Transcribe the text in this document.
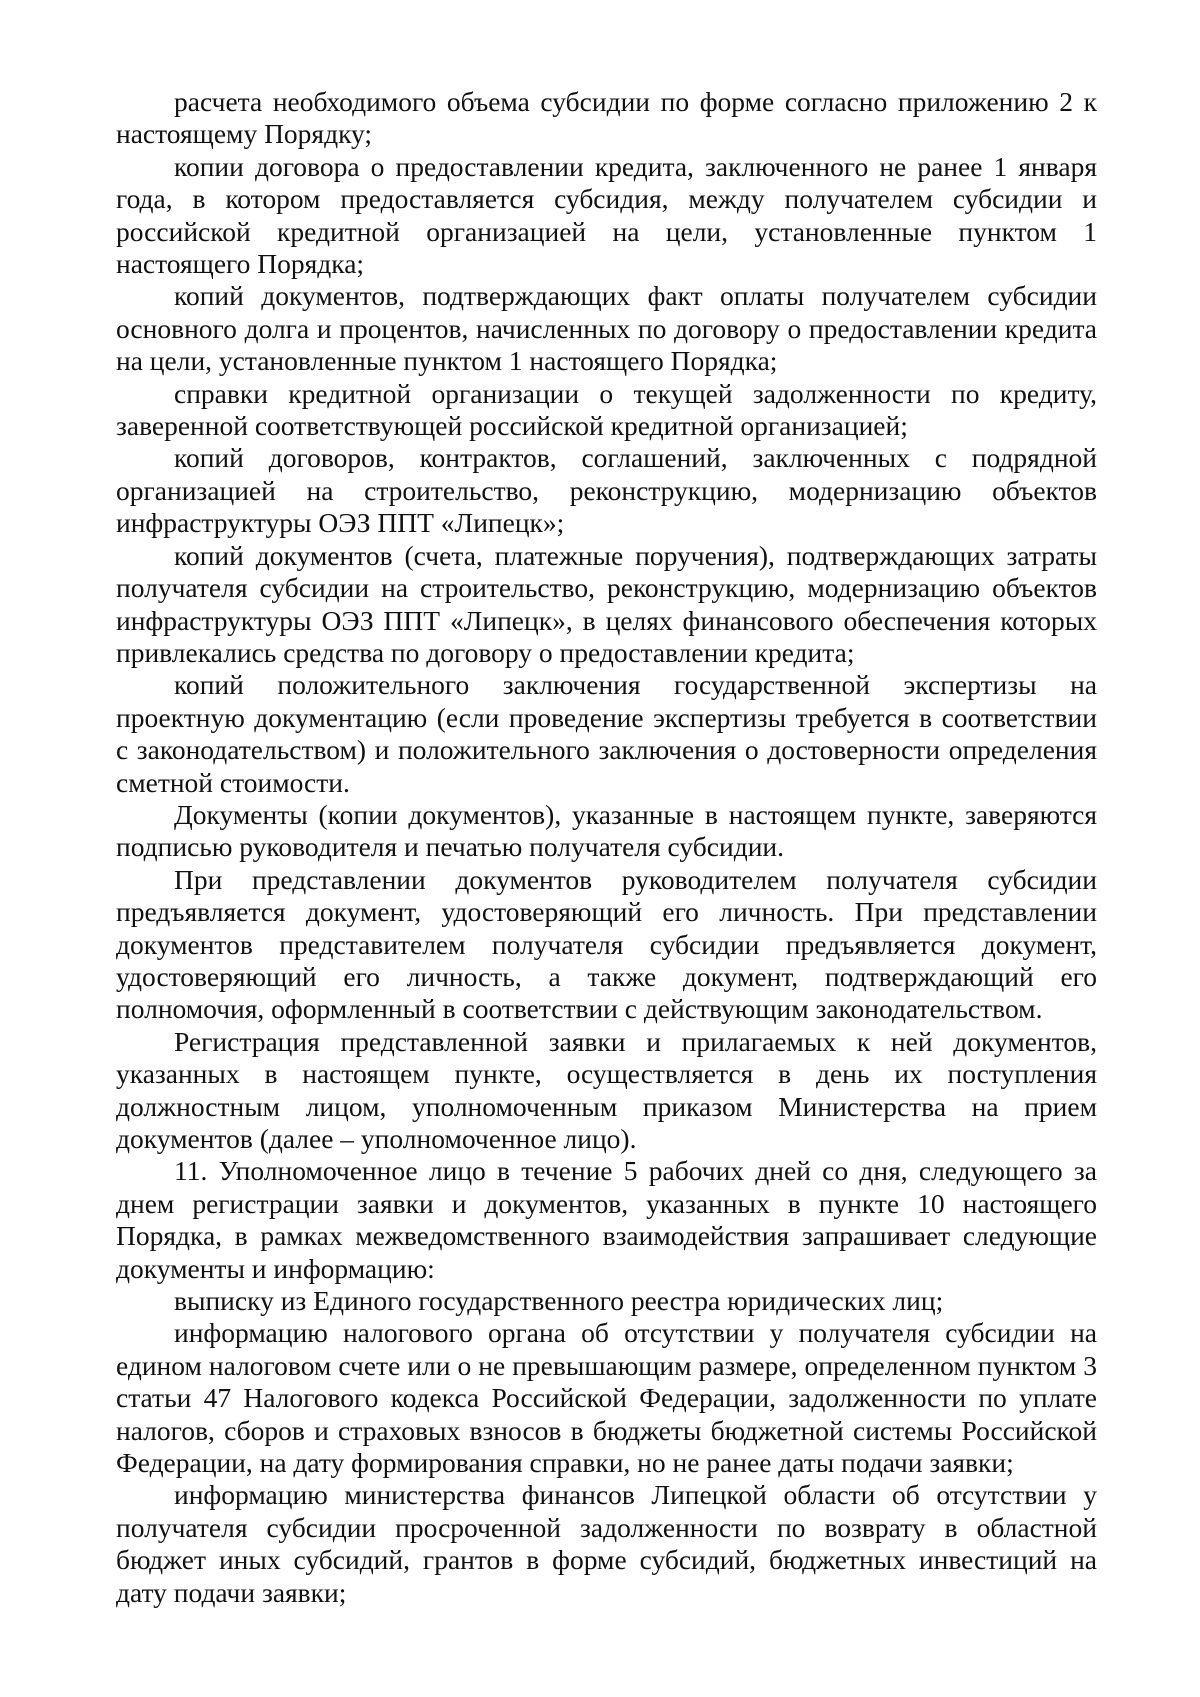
расчета необходимого объема субсидии по форме согласно приложению 2 к настоящему Порядку;

копии договора о предоставлении кредита, заключенного не ранее 1 января года, в котором предоставляется субсидия, между получателем субсидии и российской кредитной организацией на цели, установленные пунктом 1 настоящего Порядка;

копий документов, подтверждающих факт оплаты получателем субсидии основного долга и процентов, начисленных по договору о предоставлении кредита на цели, установленные пунктом 1 настоящего Порядка;

справки кредитной организации о текущей задолженности по кредиту, заверенной соответствующей российской кредитной организацией;

копий договоров, контрактов, соглашений, заключенных с подрядной организацией на строительство, реконструкцию, модернизацию объектов инфраструктуры ОЭЗ ППТ «Липецк»;

копий документов (счета, платежные поручения), подтверждающих затраты получателя субсидии на строительство, реконструкцию, модернизацию объектов инфраструктуры ОЭЗ ППТ «Липецк», в целях финансового обеспечения которых привлекались средства по договору о предоставлении кредита;

копий положительного заключения государственной экспертизы на проектную документацию (если проведение экспертизы требуется в соответствии с законодательством) и положительного заключения о достоверности определения сметной стоимости.

Документы (копии документов), указанные в настоящем пункте, заверяются подписью руководителя и печатью получателя субсидии.

При представлении документов руководителем получателя субсидии предъявляется документ, удостоверяющий его личность. При представлении документов представителем получателя субсидии предъявляется документ, удостоверяющий его личность, а также документ, подтверждающий его полномочия, оформленный в соответствии с действующим законодательством.

Регистрация представленной заявки и прилагаемых к ней документов, указанных в настоящем пункте, осуществляется в день их поступления должностным лицом, уполномоченным приказом Министерства на прием документов (далее – уполномоченное лицо).

11. Уполномоченное лицо в течение 5 рабочих дней со дня, следующего за днем регистрации заявки и документов, указанных в пункте 10 настоящего Порядка, в рамках межведомственного взаимодействия запрашивает следующие документы и информацию:

выписку из Единого государственного реестра юридических лиц;

информацию налогового органа об отсутствии у получателя субсидии на едином налоговом счете или о не превышающим размере, определенном пунктом 3 статьи 47 Налогового кодекса Российской Федерации, задолженности по уплате налогов, сборов и страховых взносов в бюджеты бюджетной системы Российской Федерации, на дату формирования справки, но не ранее даты подачи заявки;

информацию министерства финансов Липецкой области об отсутствии у получателя субсидии просроченной задолженности по возврату в областной бюджет иных субсидий, грантов в форме субсидий, бюджетных инвестиций на дату подачи заявки;
